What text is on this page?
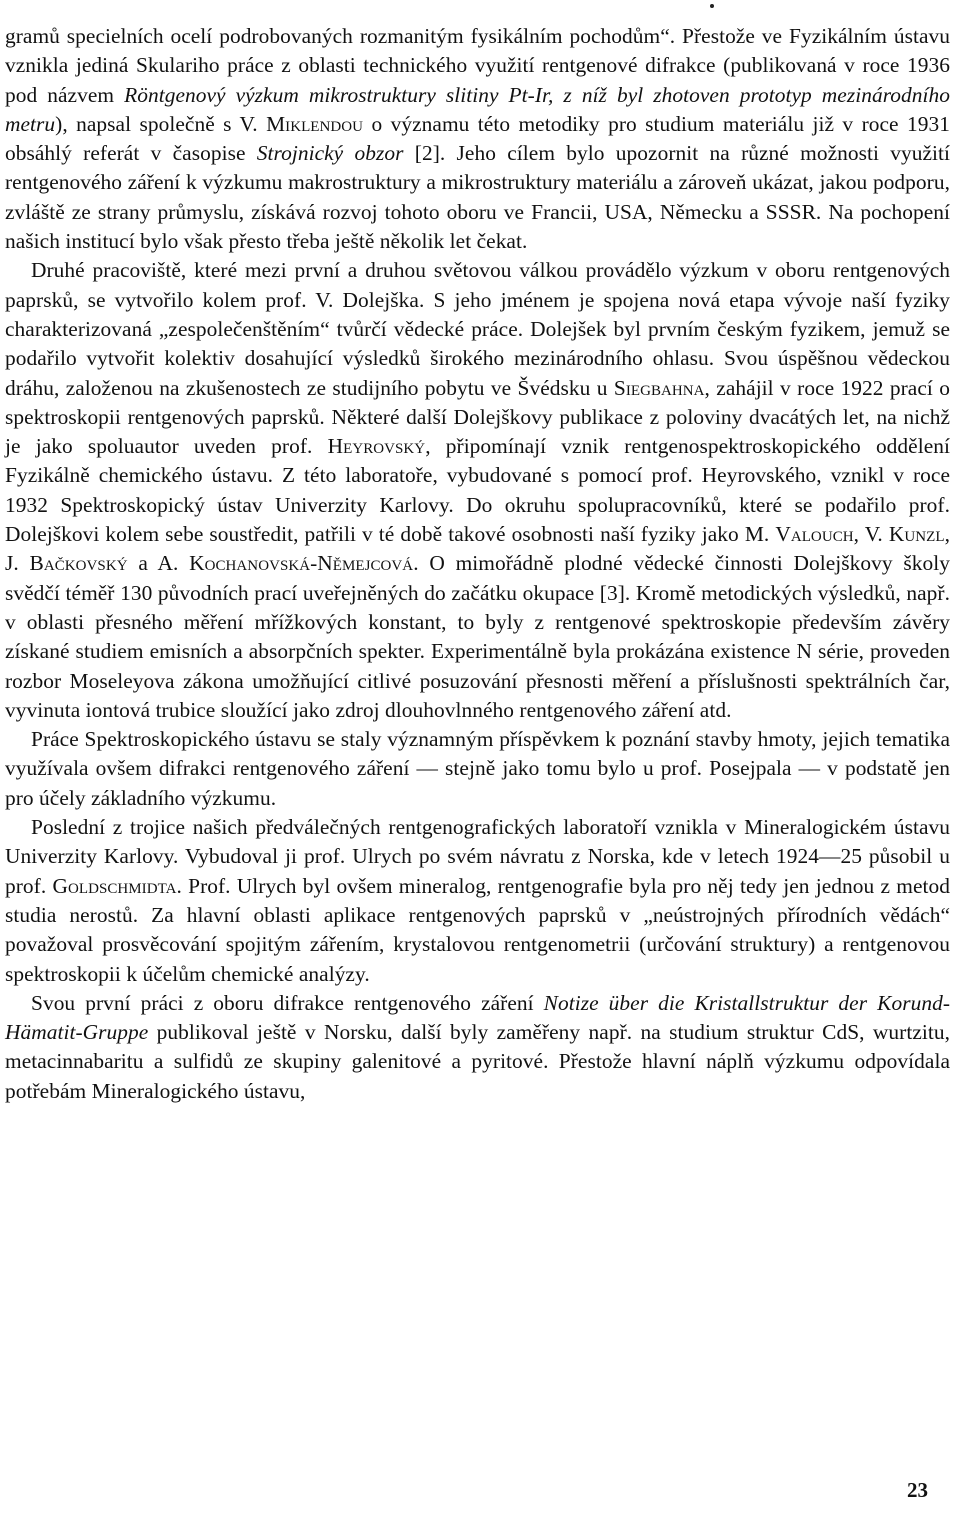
gramů specielních ocelí podrobovaných rozmanitým fysikálním pochodům“. Přestože ve Fyzikálním ústavu vznikla jediná Skulariho práce z oblasti technického využití rentgenové difrakce (publikovaná v roce 1936 pod názvem Röntgenový výzkum mikrostruktury slitiny Pt-Ir, z níž byl zhotoven prototyp mezinárodního metru), napsal společně s V. Miklendou o významu této metodiky pro studium materiálu již v roce 1931 obsáhlý referát v časopise Strojnický obzor [2]. Jeho cílem bylo upozornit na různé možnosti využití rentgenového záření k výzkumu makrostruktury a mikrostruktury materiálu a zároveň ukázat, jakou podporu, zvláště ze strany průmyslu, získává rozvoj tohoto oboru ve Francii, USA, Německu a SSSR. Na pochopení našich institucí bylo však přesto třeba ještě několik let čekat.

Druhé pracoviště, které mezi první a druhou světovou válkou provádělo výzkum v oboru rentgenových paprsků, se vytvořilo kolem prof. V. Dolejška. S jeho jménem je spojena nová etapa vývoje naší fyziky charakterizovaná „zespolečenštěním“ tvůrčí vědecké práce. Dolejšek byl prvním českým fyzikem, jemuž se podařilo vytvořit kolektiv dosahující výsledků širokého mezinárodního ohlasu. Svou úspěšnou vědeckou dráhu, založenou na zkušenostech ze studijního pobytu ve Švédsku u Siegbahna, zahájil v roce 1922 prací o spektroskopii rentgenových paprsků. Některé další Dolejškovy publikace z poloviny dvacátých let, na nichž je jako spoluautor uveden prof. Heyrovský, připomínají vznik rentgenospektroskopického oddělení Fyzikálně chemického ústavu. Z této laboratoře, vybudované s pomocí prof. Heyrovského, vznikl v roce 1932 Spektroskopický ústav Univerzity Karlovy. Do okruhu spolupracovníků, které se podařilo prof. Dolejškovi kolem sebe soustředit, patřili v té době takové osobnosti naší fyziky jako M. Valouch, V. Kunzl, J. Bačkovský a A. Kochanovská-Němejcová. O mimořádně plodné vědecké činnosti Dolejškovy školy svědčí téměř 130 původních prací uveřejněných do začátku okupace [3]. Kromě metodických výsledků, např. v oblasti přesného měření mřížkových konstant, to byly z rentgenové spektroskopie především závěry získané studiem emisních a absorpčních spekter. Experimentálně byla prokázána existence N série, proveden rozbor Moseleyova zákona umožňující citlivé posuzování přesnosti měření a příslušnosti spektrálních čar, vyvinuta iontová trubice sloužící jako zdroj dlouhovlnného rentgenového záření atd.

Práce Spektroskopického ústavu se staly významným příspěvkem k poznání stavby hmoty, jejich tematika využívala ovšem difrakci rentgenového záření — stejně jako tomu bylo u prof. Posejpala — v podstatě jen pro účely základního výzkumu.

Poslední z trojice našich předválečných rentgenografických laboratoří vznikla v Mineralogickém ústavu Univerzity Karlovy. Vybudoval ji prof. Ulrych po svém návratu z Norska, kde v letech 1924—25 působil u prof. Goldschmidta. Prof. Ulrych byl ovšem mineralog, rentgenografie byla pro něj tedy jen jednou z metod studia nerostů. Za hlavní oblasti aplikace rentgenových paprsků v „neústrojných přírodních vědách“ považoval prosvěcování spojitým zářením, krystalovou rentgenometrii (určování struktury) a rentgenovou spektroskopii k účelům chemické analýzy.

Svou první práci z oboru difrakce rentgenového záření Notize über die Kristallstruktur der Korund-Hämatit-Gruppe publikoval ještě v Norsku, další byly zaměřeny např. na studium struktur CdS, wurtzitu, metacinnabaritu a sulfidů ze skupiny galenitové a pyritové. Přestože hlavní náplň výzkumu odpovídala potřebám Mineralogického ústavu,

23
